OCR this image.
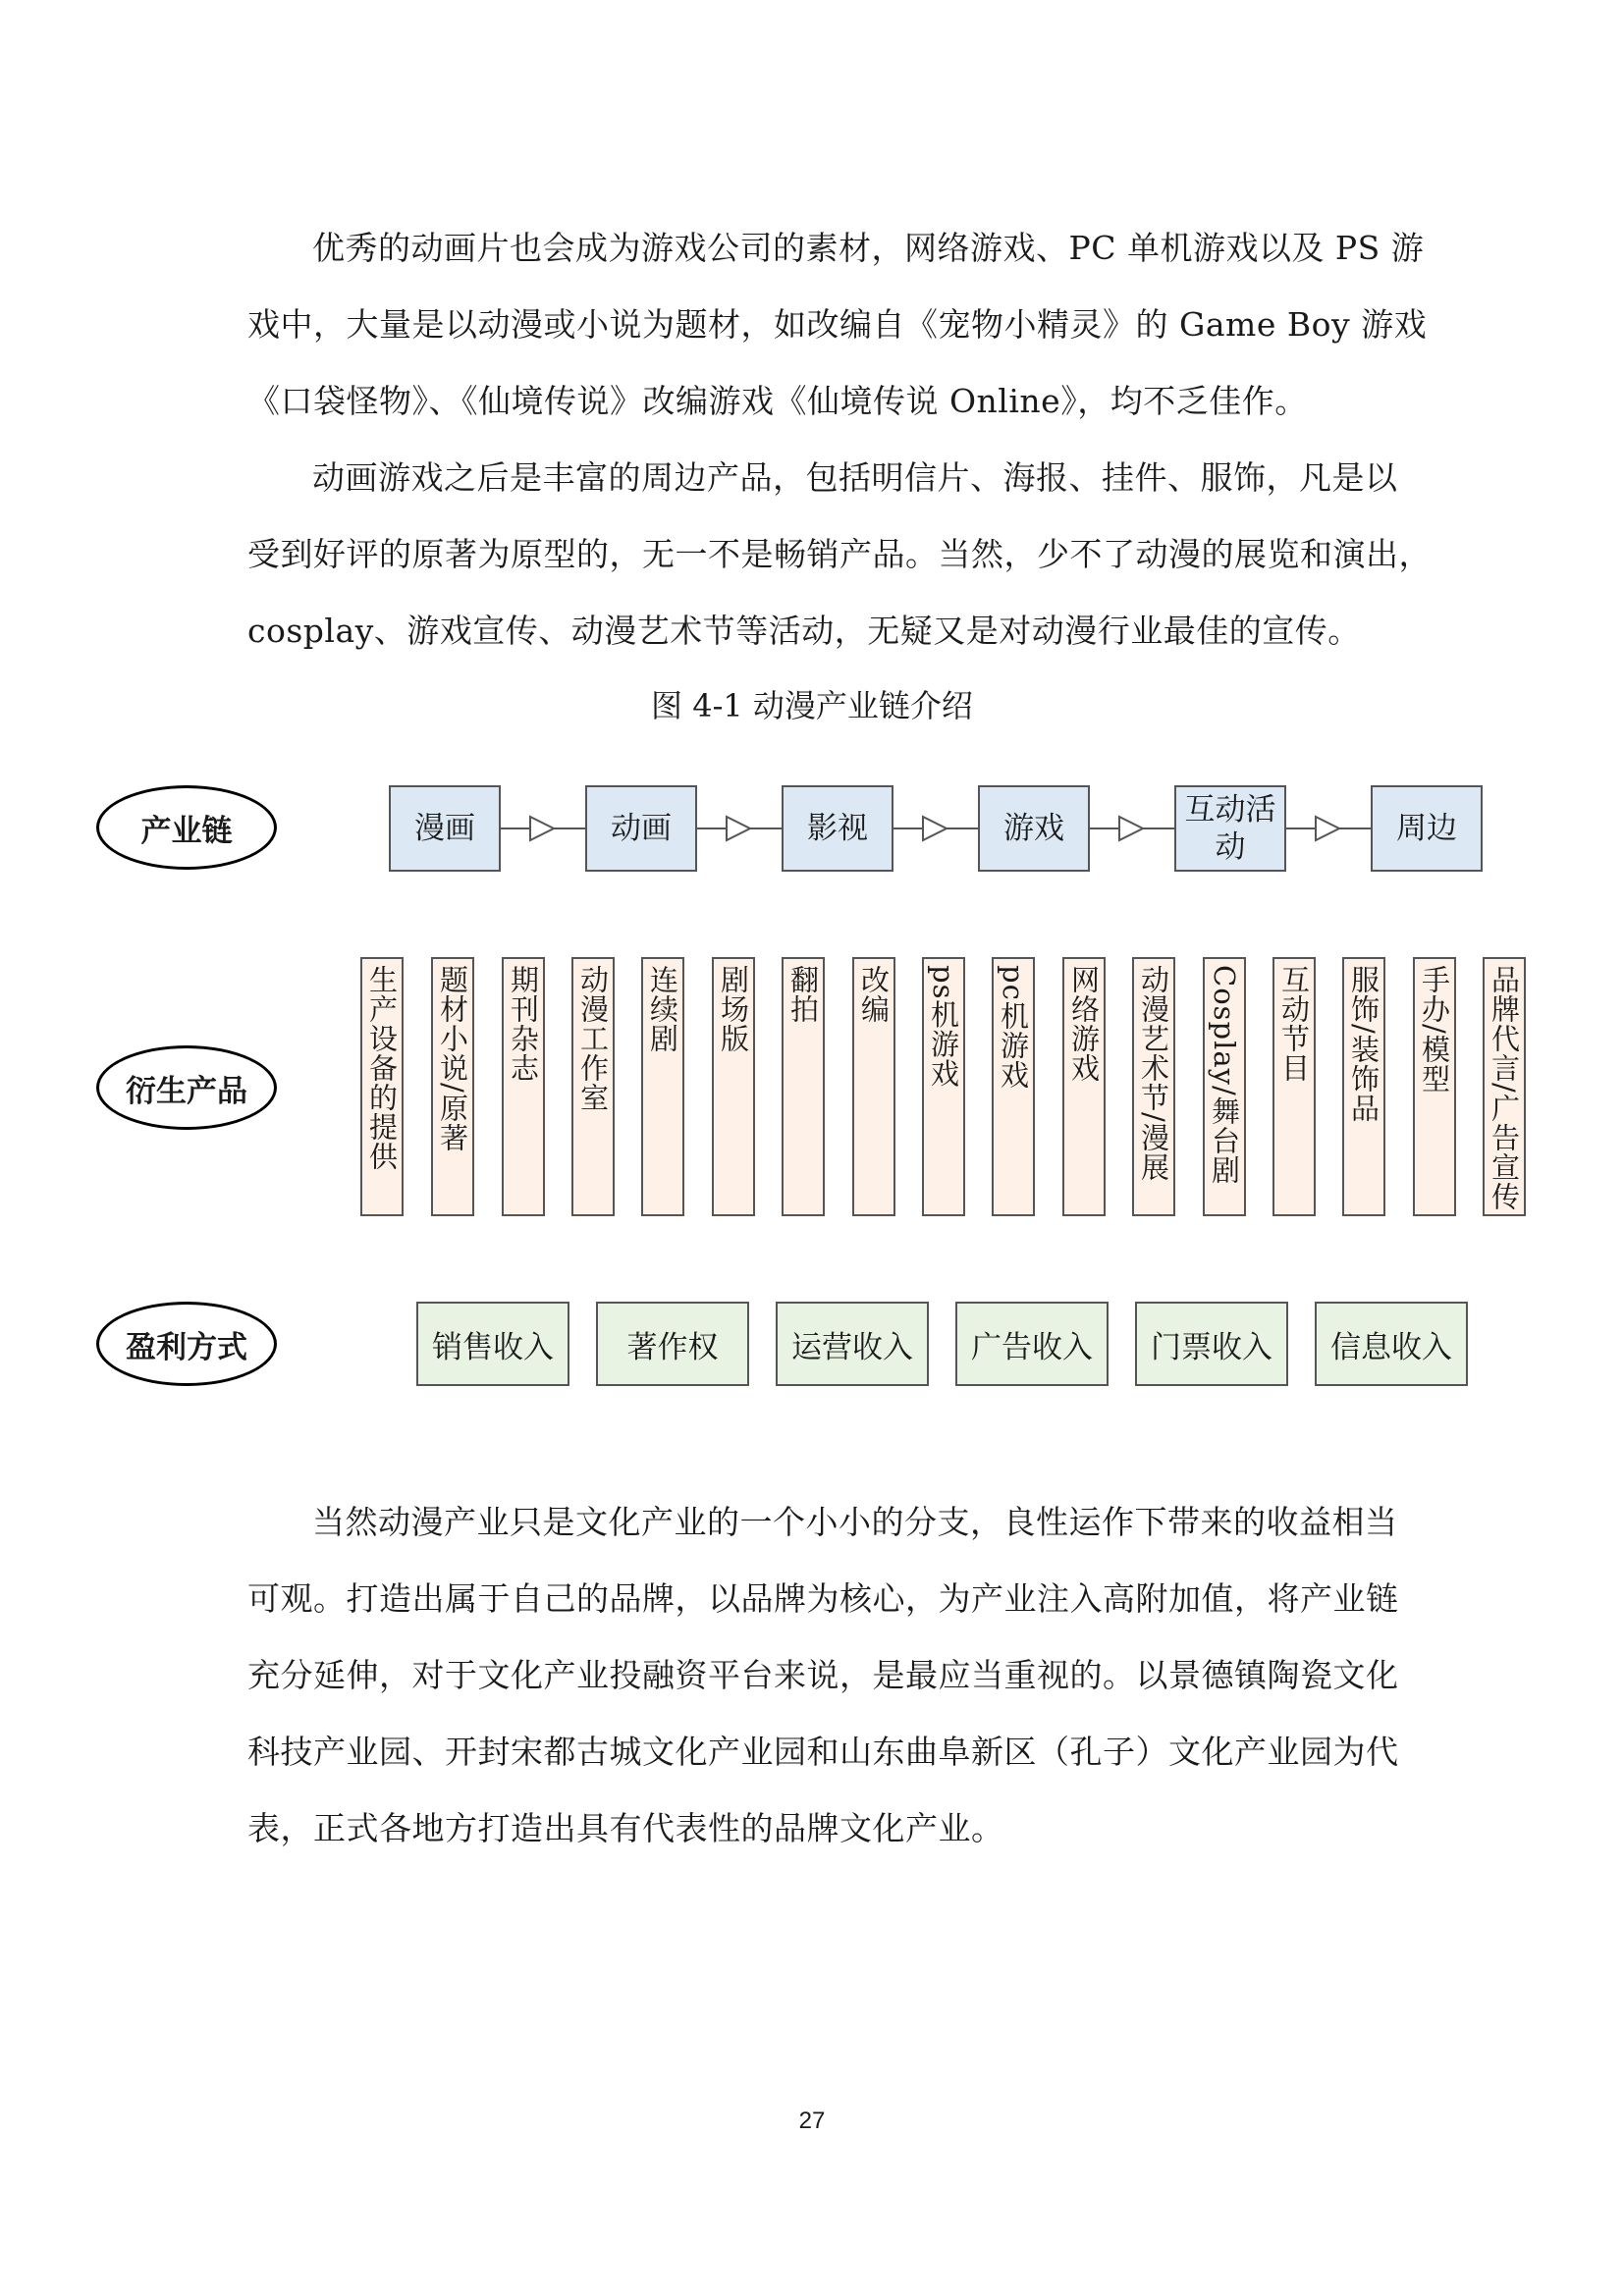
优秀的动画片也会成为游戏公司的素材，网络游戏、PC 单机游戏以及 PS 游
戏中，大量是以动漫或小说为题材，如改编自《宠物小精灵》的 Game Boy 游戏
《口袋怪物》、《仙境传说》改编游戏《仙境传说 Online》，均不乏佳作。

动画游戏之后是丰富的周边产品，包括明信片、海报、挂件、服饰，凡是以
受到好评的原著为原型的，无一不是畅销产品。当然，少不了动漫的展览和演出，
cosplay、游戏宣传、动漫艺术节等活动，无疑又是对动漫行业最佳的宣传。

图 4-1 动漫产业链介绍
产业链
衍生产品
盈利方式
漫画	动画	影视	游戏
互动活动
周边
生产设备的提供 题材小说/原著 期刊杂志 动漫工作室 连续剧 剧场版 翻拍 改编 ps机游戏 pc机游戏 网络游戏 动漫艺术节/漫展 Cosplay/舞台剧 互动节目 服饰/装饰品 手办/模型 品牌代言/广告宣传
销售收入	著作权	运营收入	广告收入	门票收入	信息收入

当然动漫产业只是文化产业的一个小小的分支，良性运作下带来的收益相当
可观。打造出属于自己的品牌，以品牌为核心，为产业注入高附加值，将产业链
充分延伸，对于文化产业投融资平台来说，是最应当重视的。以景德镇陶瓷文化
科技产业园、开封宋都古城文化产业园和山东曲阜新区（孔子）文化产业园为代
表，正式各地方打造出具有代表性的品牌文化产业。

27
